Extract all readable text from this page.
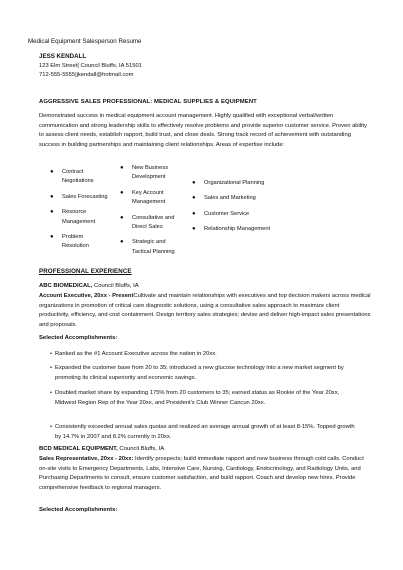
Medical Equipment Salesperson Resume
JESS KENDALL
123 Elm Street| Council Bluffs, IA 51501
712-555-5555|jkendall@hotmail.com
AGGRESSIVE SALES PROFESSIONAL: MEDICAL SUPPLIES & EQUIPMENT
Demonstrated success in medical equipment account management. Highly qualified with exceptional verbal/written communication and strong leadership skills to effectively resolve problems and provide superior customer service. Proven ability to assess client needs, establish rapport, build trust, and close deals. Strong track record of achievement with outstanding success in building partnerships and maintaining client relationships. Areas of expertise include:
● Contract Negotiations
● Sales Forecasting
● Resource Management
● Problem Resolution
● New Business Development
● Key Account Management
● Consultative and Direct Sales
● Strategic and Tactical Planning
● Organizational Planning
● Sales and Marketing
● Customer Service
● Relationship Management
PROFESSIONAL EXPERIENCE
ABC BIOMEDICAL, Council Bluffs, IA
Account Executive, 20xx - PresentCultivate and maintain relationships with executives and top decision makers across medical organizations in promotion of critical care diagnostic solutions, using a consultative sales approach to maximize client productivity, efficiency, and cost containment. Design territory sales strategies; devise and deliver high-impact sales presentations and proposals.
Selected Accomplishments:
• Ranked as the #1 Account Executive across the nation in 20xx.
• Expanded the customer base from 20 to 35; introduced a new glucose technology into a new market segment by promoting its clinical superiority and economic savings.
• Doubled market share by expanding 175% from 20 customers to 35; earned status as Rookie of the Year 20xx, Midwest Region Rep of the Year 20xx, and President's Club Winner Cancun 20xx.
• Consistently exceeded annual sales quotas and realized an average annual growth of at least 8-15%. Topped growth by 14.7% in 2007 and 8.2% currently in 20xx.
BCD MEDICAL EQUIPMENT, Council Bluffs, IA
Sales Representative, 20xx - 20xx: Identify prospects; build immediate rapport and new business through cold calls. Conduct on-site visits to Emergency Departments, Labs, Intensive Care, Nursing, Cardiology, Endocrinology, and Radiology Units, and Purchasing Departments to consult, ensure customer satisfaction, and build rapport. Coach and develop new hires. Provide comprehensive feedback to regional managers.
Selected Accomplishments:
